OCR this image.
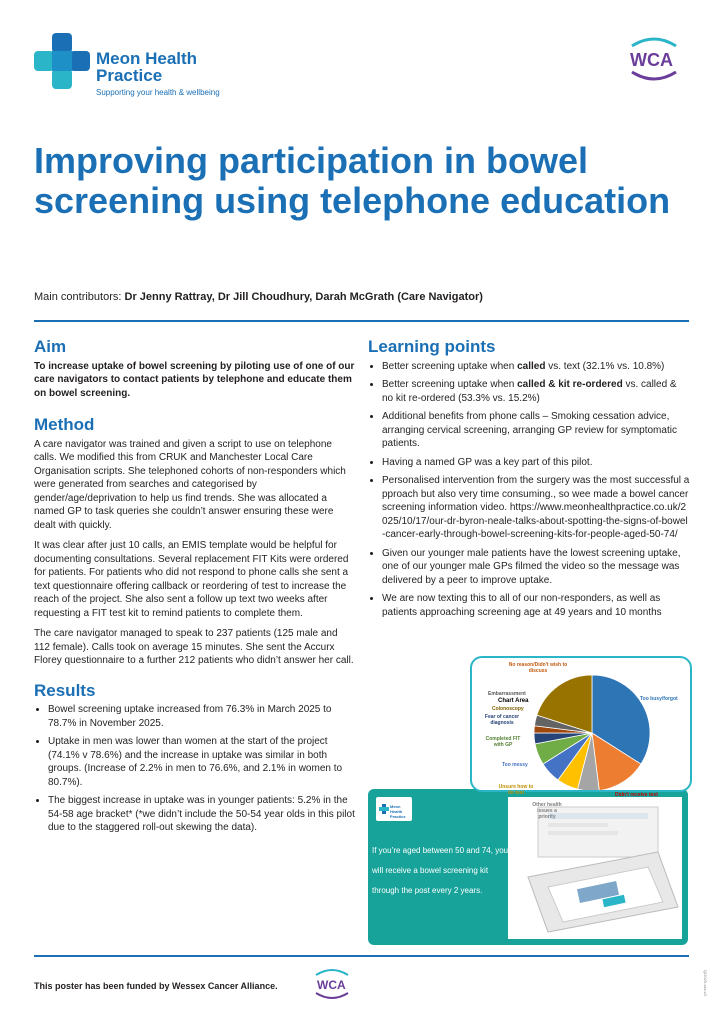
Meon Health Practice
Supporting your health & wellbeing
WCA
Improving participation in bowel screening using telephone education
Main contributors: Dr Jenny Rattray, Dr Jill Choudhury, Darah McGrath (Care Navigator)
Aim

To increase uptake of bowel screening by piloting use of one of our care navigators to contact patients by telephone and educate them on bowel screening.

Method

A care navigator was trained and given a script to use on telephone calls. We modified this from CRUK and Manchester Local Care Organisation scripts. She telephoned cohorts of non-responders which were generated from searches and categorised by gender/age/deprivation to help us find trends. She was allocated a named GP to task queries she couldn’t answer ensuring these were dealt with quickly.

It was clear after just 10 calls, an EMIS template would be helpful for documenting consultations. Several replacement FIT Kits were ordered for patients. For patients who did not respond to phone calls she sent a text questionnaire offering callback or reordering of test to increase the reach of the project. She also sent a follow up text two weeks after requesting a FIT test kit to remind patients to complete them.

The care navigator managed to speak to 237 patients (125 male and 112 female). Calls took on average 15 minutes. She sent the Accurx Florey questionnaire to a further 212 patients who didn’t answer her call.

Results
• Bowel screening uptake increased from 76.3% in March 2025 to 78.7% in November 2025.
• Uptake in men was lower than women at the start of the project (74.1% v 78.6%) and the increase in uptake was similar in both groups. (Increase of 2.2% in men to 76.6%, and 2.1% in women to 80.7%).
• The biggest increase in uptake was in younger patients: 5.2% in the 54-58 age bracket* (*we didn’t include the 50-54 year olds in this pilot due to the staggered roll-out skewing the data).
Learning points
• Better screening uptake when called vs. text (32.1% vs. 10.8%)
• Better screening uptake when called & kit re-ordered vs. called & no kit re-ordered (53.3% vs. 15.2%)
• Additional benefits from phone calls – Smoking cessation advice, arranging cervical screening, arranging GP review for symptomatic patients.
• Having a named GP was a key part of this pilot.
• Personalised intervention from the surgery was the most successful approach but also very time consuming., so wee made a bowel cancer screening information video. https://www.meonhealthpractice.co.uk/2025/10/17/our-dr-byron-neale-talks-about-spotting-the-signs-of-bowel-cancer-early-through-bowel-screening-kits-for-people-aged-50-74/
• Given our younger male patients have the lowest screening uptake, one of our younger male GPs filmed the video so the message was delivered by a peer to improve uptake.
• We are now texting this to all of our non-responders, as well as patients approaching screening age at 49 years and 10 months
Meon Health Practice
If you’re aged between 50 and 74, you will receive a bowel screening kit through the post every 2 years.
No reason/Didn't wish to discuss
Too busy/forgot
Didn't receive test
Other health issues a priority
Unsure how to do test
Too messy
Completed FIT with GP
Fear of cancer diagnosis
Colonoscopy
Embarrassment
Chart Area
This poster has been funded by Wessex Cancer Alliance.	WCA	QI2025-xxx-v3
